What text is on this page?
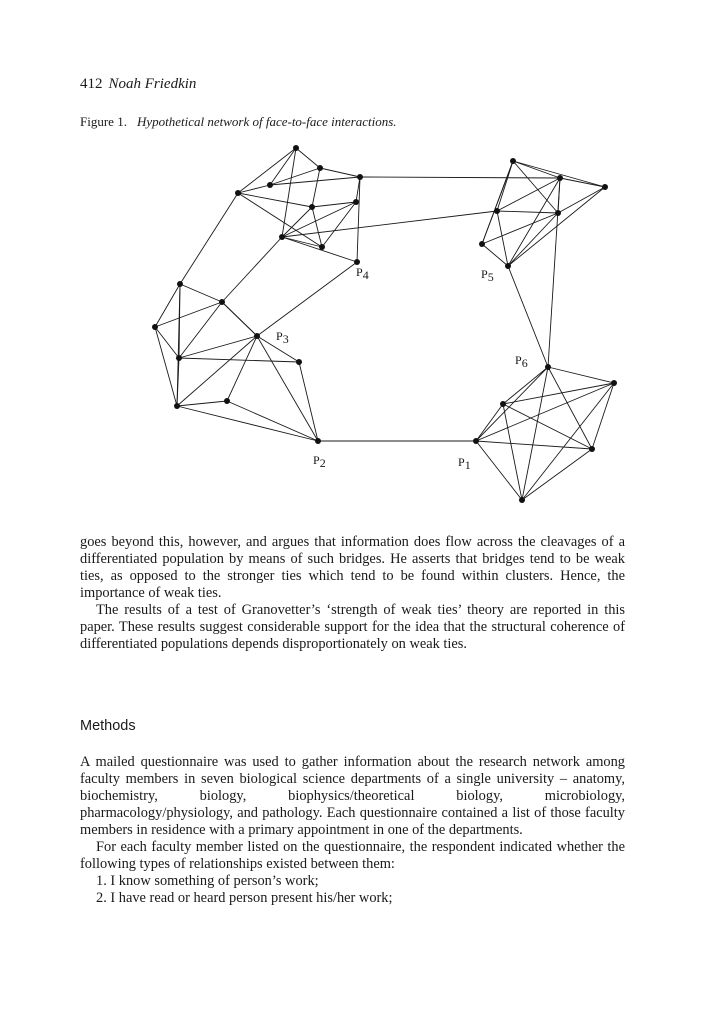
412 Noah Friedkin
Figure 1. Hypothetical network of face-to-face interactions.
P1
P2
P3
P4	P5
P6

goes beyond this, however, and argues that information does flow across the cleavages of a differentiated population by means of such bridges. He asserts that bridges tend to be weak ties, as opposed to the stronger ties which tend to be found within clusters. Hence, the importance of weak ties.

The results of a test of Granovetter’s ‘strength of weak ties’ theory are reported in this paper. These results suggest considerable support for the idea that the structural coherence of differentiated populations depends disproportionately on weak ties.

Methods

A mailed questionnaire was used to gather information about the research network among faculty members in seven biological science departments of a single university – anatomy, biochemistry, biology, biophysics/theoretical biology, microbiology, pharmacology/physiology, and pathology. Each questionnaire contained a list of those faculty members in residence with a primary appointment in one of the departments.

For each faculty member listed on the questionnaire, the respondent indicated whether the following types of relationships existed between them:

1. I know something of person’s work;
2. I have read or heard person present his/her work;
